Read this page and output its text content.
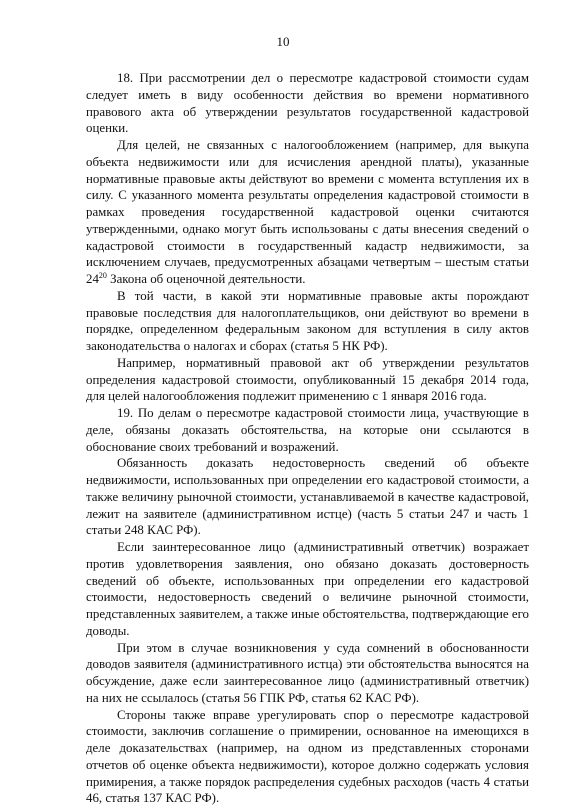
10

18. При рассмотрении дел о пересмотре кадастровой стоимости судам следует иметь в виду особенности действия во времени нормативного правового акта об утверждении результатов государственной кадастровой оценки.

Для целей, не связанных с налогообложением (например, для выкупа объекта недвижимости или для исчисления арендной платы), указанные нормативные правовые акты действуют во времени с момента вступления их в силу. С указанного момента результаты определения кадастровой стоимости в рамках проведения государственной кадастровой оценки считаются утвержденными, однако могут быть использованы с даты внесения сведений о кадастровой стоимости в государственный кадастр недвижимости, за исключением случаев, предусмотренных абзацами четвертым – шестым статьи $24^{20}$ Закона об оценочной деятельности.

В той части, в какой эти нормативные правовые акты порождают правовые последствия для налогоплательщиков, они действуют во времени в порядке, определенном федеральным законом для вступления в силу актов законодательства о налогах и сборах (статья 5 НК РФ).

Например, нормативный правовой акт об утверждении результатов определения кадастровой стоимости, опубликованный 15 декабря 2014 года, для целей налогообложения подлежит применению с 1 января 2016 года.

19. По делам о пересмотре кадастровой стоимости лица, участвующие в деле, обязаны доказать обстоятельства, на которые они ссылаются в обоснование своих требований и возражений.

Обязанность доказать недостоверность сведений об объекте недвижимости, использованных при определении его кадастровой стоимости, а также величину рыночной стоимости, устанавливаемой в качестве кадастровой, лежит на заявителе (административном истце) (часть 5 статьи 247 и часть 1 статьи 248 КАС РФ).

Если заинтересованное лицо (административный ответчик) возражает против удовлетворения заявления, оно обязано доказать достоверность сведений об объекте, использованных при определении его кадастровой стоимости, недостоверность сведений о величине рыночной стоимости, представленных заявителем, а также иные обстоятельства, подтверждающие его доводы.

При этом в случае возникновения у суда сомнений в обоснованности доводов заявителя (административного истца) эти обстоятельства выносятся на обсуждение, даже если заинтересованное лицо (административный ответчик) на них не ссылалось (статья 56 ГПК РФ, статья 62 КАС РФ).

Стороны также вправе урегулировать спор о пересмотре кадастровой стоимости, заключив соглашение о примирении, основанное на имеющихся в деле доказательствах (например, на одном из представленных сторонами отчетов об оценке объекта недвижимости), которое должно содержать условия примирения, а также порядок распределения судебных расходов (часть 4 статьи 46, статья 137 КАС РФ).
